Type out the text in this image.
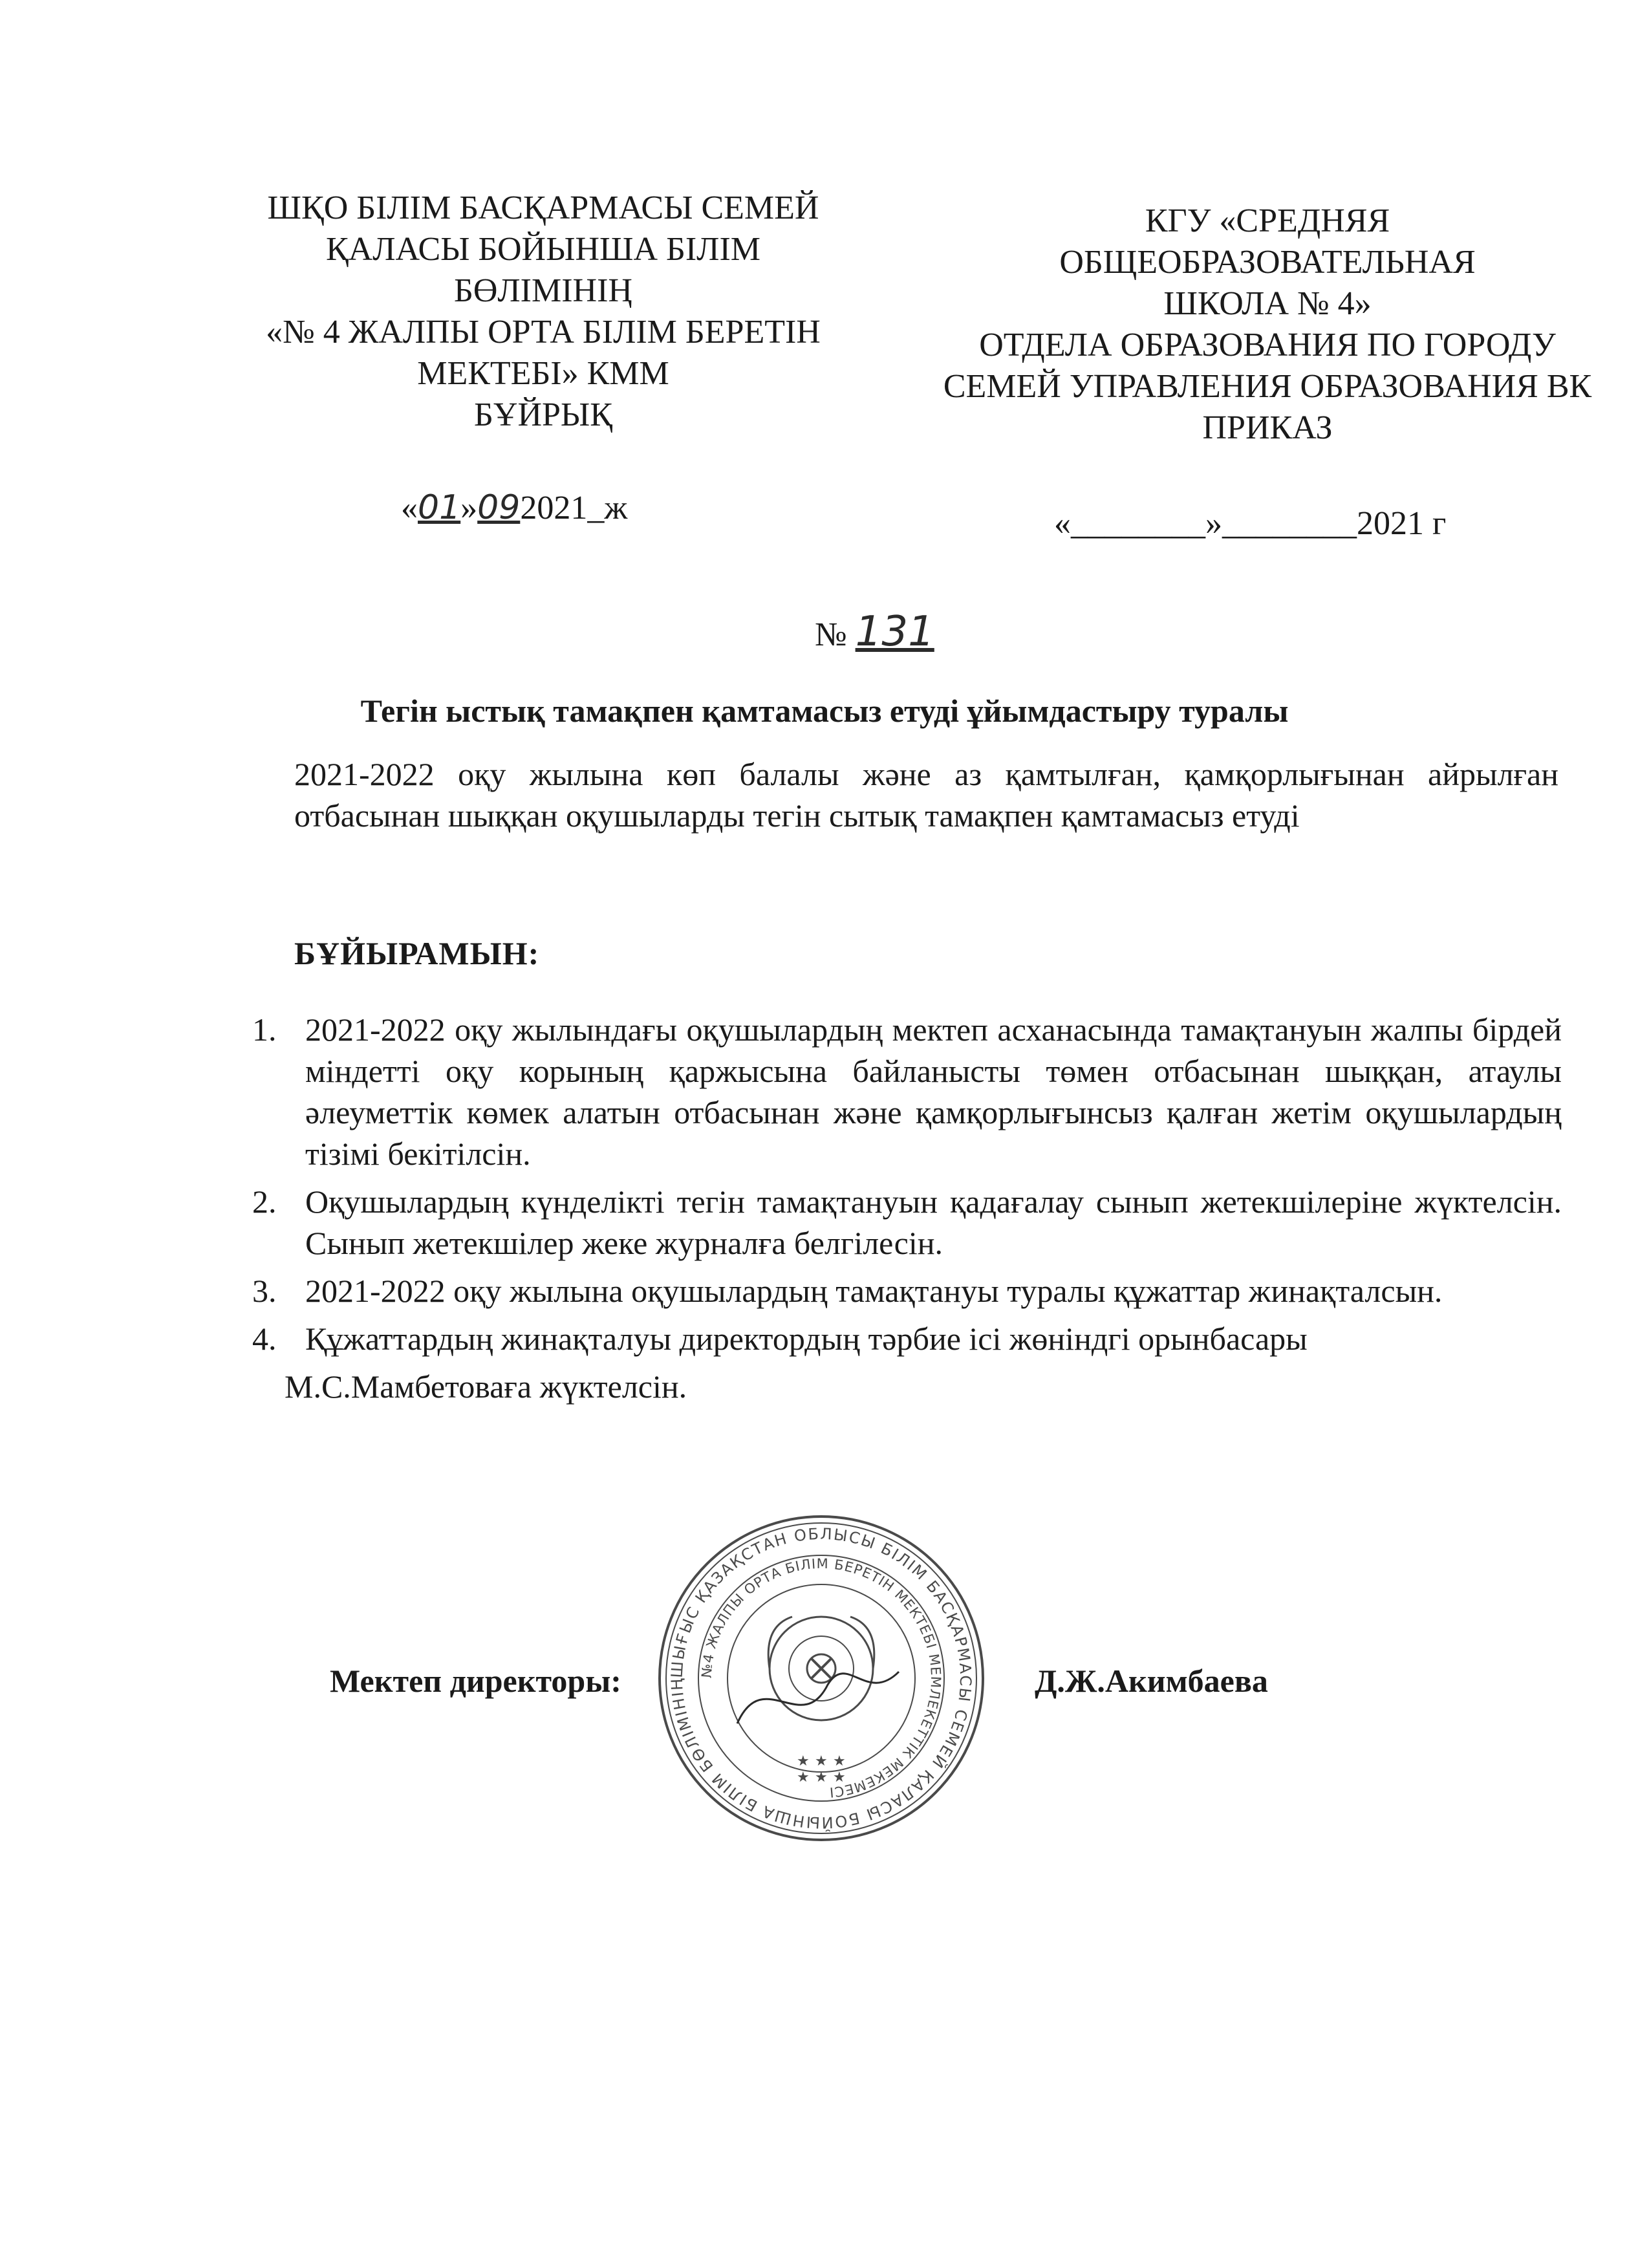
ШҚО БІЛІМ БАСҚАРМАСЫ СЕМЕЙ
ҚАЛАСЫ БОЙЫНША БІЛІМ
БӨЛІМІНІҢ
«№ 4 ЖАЛПЫ ОРТА БІЛІМ БЕРЕТІН
МЕКТЕБІ» КММ
БҰЙРЫҚ
КГУ «СРЕДНЯЯ
ОБЩЕОБРАЗОВАТЕЛЬНАЯ
ШКОЛА № 4»
ОТДЕЛА ОБРАЗОВАНИЯ ПО ГОРОДУ
СЕМЕЙ УПРАВЛЕНИЯ ОБРАЗОВАНИЯ ВК
ПРИКАЗ
«01»092021_ж	«________»________2021 г
№ 131
Тегін ыстық тамақпен қамтамасыз етуді ұйымдастыру туралы
2021-2022 оқу жылына көп балалы және аз қамтылған, қамқорлығынан айрылған отбасынан шыққан оқушыларды тегін сытық тамақпен қамтамасыз етуді
БҰЙЫРАМЫН:
1. 2021-2022 оқу жылындағы оқушылардың мектеп асханасында тамақтануын жалпы бірдей міндетті оқу корының қаржысына байланысты төмен отбасынан шыққан, атаулы әлеуметтік көмек алатын отбасынан және қамқорлығынсыз қалған жетім оқушылардың тізімі бекітілсін.
2. Оқушылардың күнделікті тегін тамақтануын қадағалау сынып жетекшілеріне жүктелсін. Сынып жетекшілер жеке журналға белгілесін.
3. 2021-2022 оқу жылына оқушылардың тамақтануы туралы құжаттар жинақталсын.
4. Құжаттардың жинақталуы директордың тәрбие ісі жөніндгі орынбасары
М.С.Мамбетоваға жүктелсін.
ШЫҒЫС ҚАЗАҚСТАН ОБЛЫСЫ БІЛІМ БАСҚАРМАСЫ СЕМЕЙ ҚАЛАСЫ БОЙЫНША БІЛІМ БӨЛІМІНІҢ
№4 ЖАЛПЫ ОРТА БІЛІМ БЕРЕТІН МЕКТЕБІ МЕМЛЕКЕТТІК МЕКЕМЕСІ
★ ★ ★
★ ★ ★
Мектеп директоры:	Д.Ж.Акимбаева
